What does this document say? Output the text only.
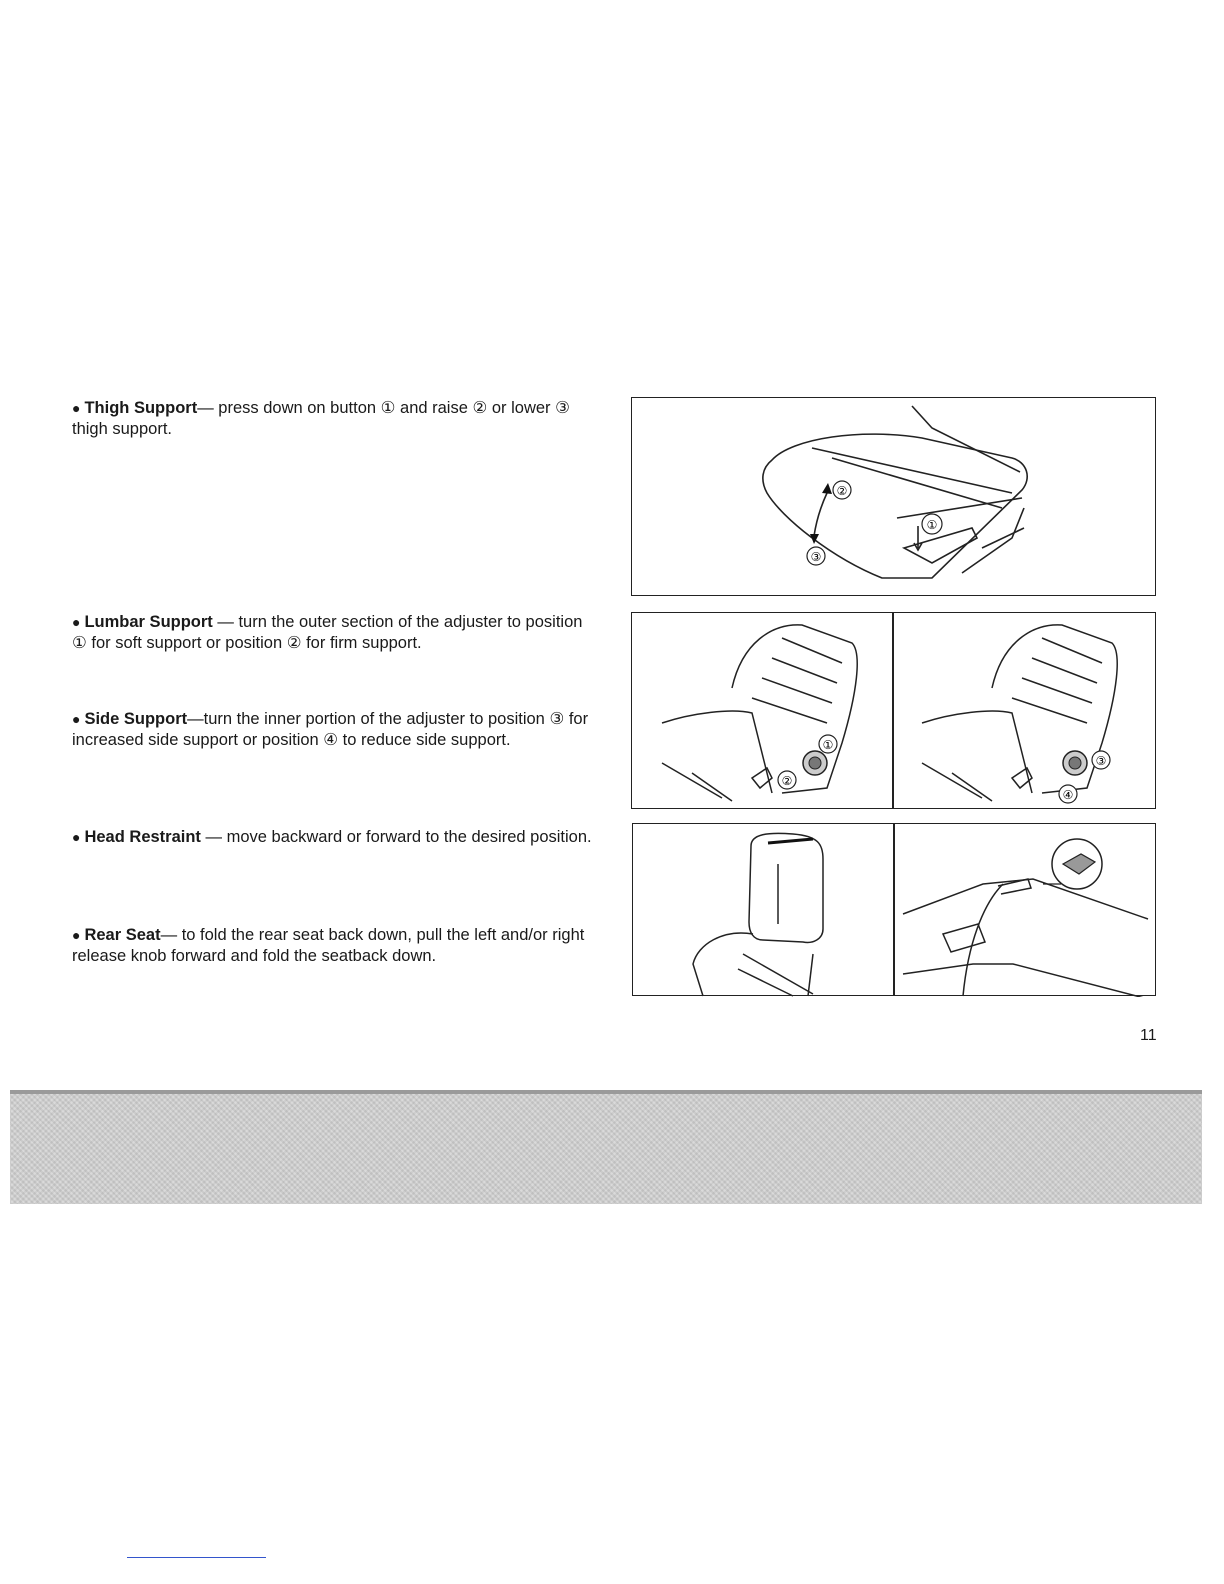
● Thigh Support— press down on button ① and raise ② or lower ③ thigh support.

● Lumbar Support — turn the outer section of the adjuster to position ① for soft support or position ② for firm support.

● Side Support—turn the inner portion of the adjuster to position ③ for increased side support or position ④ to reduce side support.

● Head Restraint — move backward or forward to the desired position.

● Rear Seat— to fold the rear seat back down, pull the left and/or right release knob forward and fold the seatback down.

②
①
③
①
②
③
④
11
